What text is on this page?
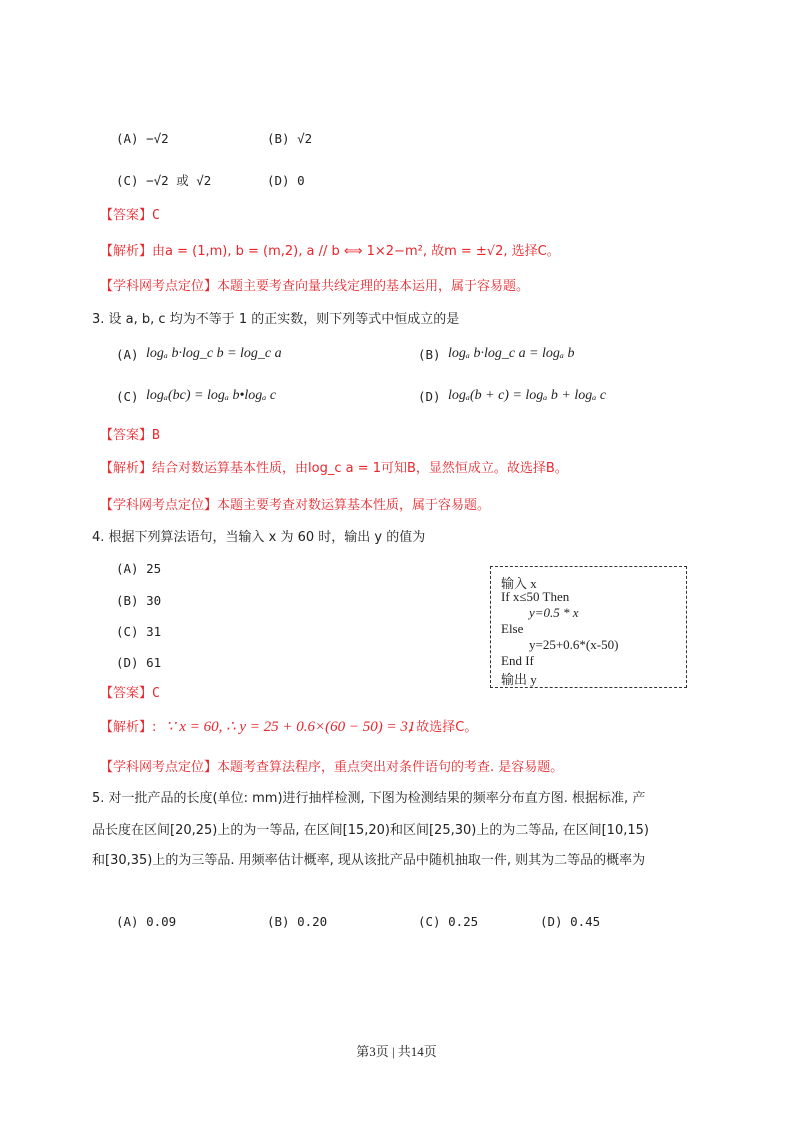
(A) −√2	(B) √2
(C) −√2 或 √2	(D) 0
【答案】C
【解析】由a = (1,m), b = (m,2), a // b ⟺ 1×2−m², 故m = ±√2, 选择C。
【学科网考点定位】本题主要考查向量共线定理的基本运用，属于容易题。
3. 设 a, b, c 均为不等于 1 的正实数，则下列等式中恒成立的是
(A) logₐ b·log_c b = log_c a	(B) logₐ b·log_c a = logₐ b
(C) logₐ(bc) = logₐ b•logₐ c	(D) logₐ(b + c) = logₐ b + logₐ c
【答案】B
【解析】结合对数运算基本性质，由log_c a = 1可知B，显然恒成立。故选择B。
【学科网考点定位】本题主要考查对数运算基本性质，属于容易题。
4. 根据下列算法语句，当输入 x 为 60 时，输出 y 的值为
(A) 25
(B) 30
(C) 31
(D) 61
输入 x
If x≤50 Then
y=0.5 * x
Else
y=25+0.6*(x-50)
End If
输出 y
【答案】C
【解析】: ∵ x = 60, ∴ y = 25 + 0.6×(60 − 50) = 31
, 故选择C。
【学科网考点定位】本题考查算法程序，重点突出对条件语句的考查. 是容易题。
5. 对一批产品的长度(单位: mm)进行抽样检测, 下图为检测结果的频率分布直方图. 根据标准, 产
品长度在区间[20,25)上的为一等品, 在区间[15,20)和区间[25,30)上的为二等品, 在区间[10,15)
和[30,35)上的为三等品. 用频率估计概率, 现从该批产品中随机抽取一件, 则其为二等品的概率为
(A) 0.09	(B) 0.20	(C) 0.25	(D) 0.45
第3页 | 共14页
